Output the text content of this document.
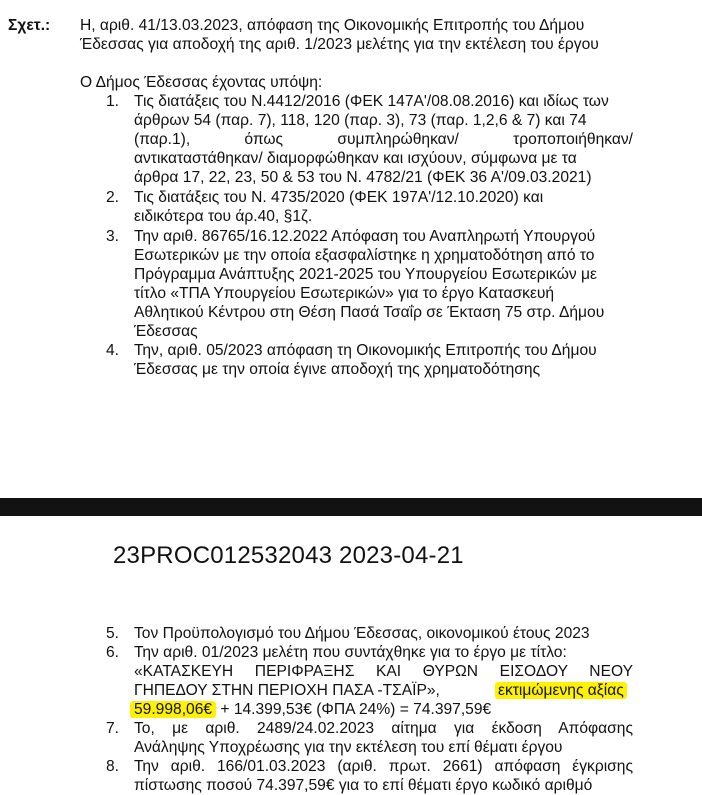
Σχετ.: Η, αριθ. 41/13.03.2023, απόφαση της Οικονομικής Επιτροπής του Δήμου
Έδεσσας για αποδοχή της αριθ. 1/2023 μελέτης για την εκτέλεση του έργου
Ο Δήμος Έδεσσας έχοντας υπόψη:
1. Τις διατάξεις του Ν.4412/2016 (ΦΕΚ 147Α'/08.08.2016) και ιδίως των
άρθρων 54 (παρ. 7), 118, 120 (παρ. 3), 73 (παρ. 1,2,6 & 7) και 74
(παρ.1), όπως συμπληρώθηκαν/ τροποποιήθηκαν/
αντικαταστάθηκαν/ διαμορφώθηκαν και ισχύουν, σύμφωνα με τα
άρθρα 17, 22, 23, 50 & 53 του Ν. 4782/21 (ΦΕΚ 36 Α'/09.03.2021)
2. Τις διατάξεις του Ν. 4735/2020 (ΦΕΚ 197Α'/12.10.2020) και
ειδικότερα του άρ.40, §1ζ.
3. Την αριθ. 86765/16.12.2022 Απόφαση του Αναπληρωτή Υπουργού
Εσωτερικών με την οποία εξασφαλίστηκε η χρηματοδότηση από το
Πρόγραμμα Ανάπτυξης 2021-2025 του Υπουργείου Εσωτερικών με
τίτλο «ΤΠΑ Υπουργείου Εσωτερικών» για το έργο Κατασκευή
Αθλητικού Κέντρου στη Θέση Πασά Τσαΐρ σε Έκταση 75 στρ. Δήμου
Έδεσσας
4. Την, αριθ. 05/2023 απόφαση τη Οικονομικής Επιτροπής του Δήμου
Έδεσσας με την οποία έγινε αποδοχή της χρηματοδότησης
23PROC012532043 2023-04-21
5. Τον Προϋπολογισμό του Δήμου Έδεσσας, οικονομικού έτους 2023
6. Την αριθ. 01/2023 μελέτη που συντάχθηκε για το έργο με τίτλο:
«ΚΑΤΑΣΚΕΥΗ ΠΕΡΙΦΡΑΞΗΣ ΚΑΙ ΘΥΡΩΝ ΕΙΣΟΔΟΥ ΝΕΟΥ
ΓΗΠΕΔΟΥ ΣΤΗΝ ΠΕΡΙΟΧΗ ΠΑΣΑ -ΤΣΑΪΡ»,	εκτιμώμενης αξίας
59.998,06€ + 14.399,53€ (ΦΠΑ 24%) = 74.397,59€
7. Το, με αριθ. 2489/24.02.2023 αίτημα για έκδοση Απόφασης
Ανάληψης Υποχρέωσης για την εκτέλεση του επί θέματι έργου
8. Την αριθ. 166/01.03.2023 (αριθ. πρωτ. 2661) απόφαση έγκρισης
πίστωσης ποσού 74.397,59€ για το επί θέματι έργο κωδικό αριθμό
